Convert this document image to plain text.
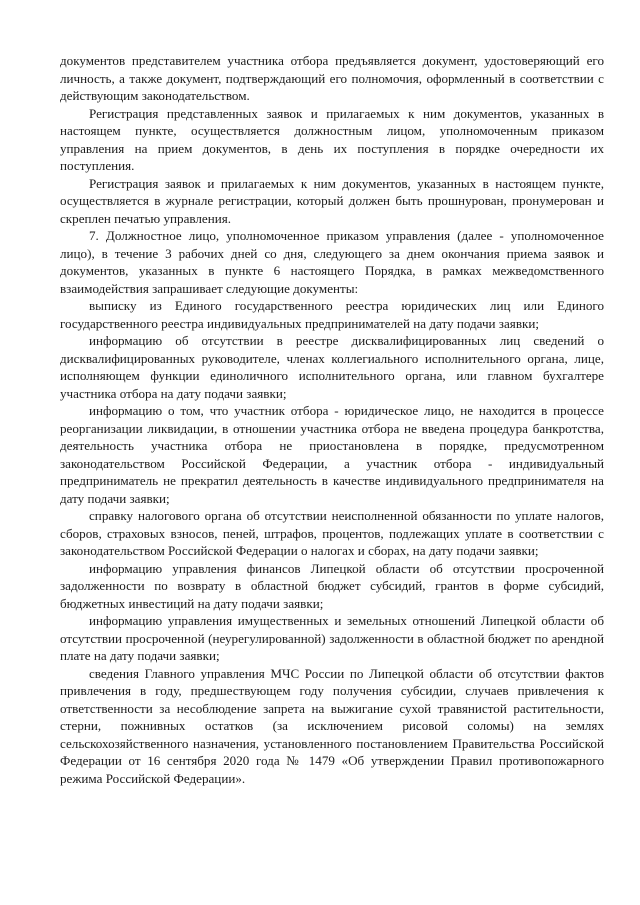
документов представителем участника отбора предъявляется документ, удостоверяющий его личность, а также документ, подтверждающий его полномочия, оформленный в соответствии с действующим законодательством.

Регистрация представленных заявок и прилагаемых к ним документов, указанных в настоящем пункте, осуществляется должностным лицом, уполномоченным приказом управления на прием документов, в день их поступления в порядке очередности их поступления.

Регистрация заявок и прилагаемых к ним документов, указанных в настоящем пункте, осуществляется в журнале регистрации, который должен быть прошнурован, пронумерован и скреплен печатью управления.

7. Должностное лицо, уполномоченное приказом управления (далее - уполномоченное лицо), в течение 3 рабочих дней со дня, следующего за днем окончания приема заявок и документов, указанных в пункте 6 настоящего Порядка, в рамках межведомственного взаимодействия запрашивает следующие документы:

выписку из Единого государственного реестра юридических лиц или Единого государственного реестра индивидуальных предпринимателей на дату подачи заявки;

информацию об отсутствии в реестре дисквалифицированных лиц сведений о дисквалифицированных руководителе, членах коллегиального исполнительного органа, лице, исполняющем функции единоличного исполнительного органа, или главном бухгалтере участника отбора на дату подачи заявки;

информацию о том, что участник отбора - юридическое лицо, не находится в процессе реорганизации ликвидации, в отношении участника отбора не введена процедура банкротства, деятельность участника отбора не приостановлена в порядке, предусмотренном законодательством Российской Федерации, а участник отбора - индивидуальный предприниматель не прекратил деятельность в качестве индивидуального предпринимателя на дату подачи заявки;

справку налогового органа об отсутствии неисполненной обязанности по уплате налогов, сборов, страховых взносов, пеней, штрафов, процентов, подлежащих уплате в соответствии с законодательством Российской Федерации о налогах и сборах, на дату подачи заявки;

информацию управления финансов Липецкой области об отсутствии просроченной задолженности по возврату в областной бюджет субсидий, грантов в форме субсидий, бюджетных инвестиций на дату подачи заявки;

информацию управления имущественных и земельных отношений Липецкой области об отсутствии просроченной (неурегулированной) задолженности в областной бюджет по арендной плате на дату подачи заявки;

сведения Главного управления МЧС России по Липецкой области об отсутствии фактов привлечения в году, предшествующем году получения субсидии, случаев привлечения к ответственности за несоблюдение запрета на выжигание сухой травянистой растительности, стерни, пожнивных остатков (за исключением рисовой соломы) на землях сельскохозяйственного назначения, установленного постановлением Правительства Российской Федерации от 16 сентября 2020 года № 1479 «Об утверждении Правил противопожарного режима Российской Федерации».
